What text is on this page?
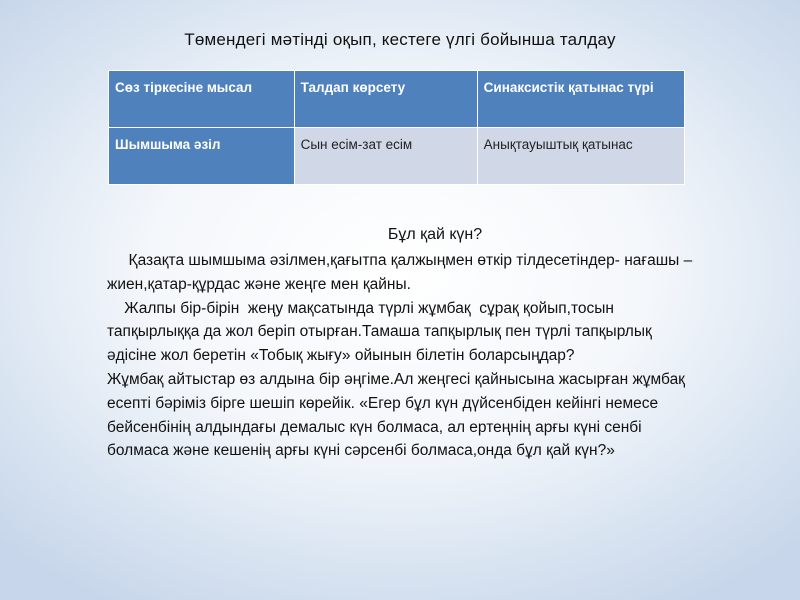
Төмендегі мәтінді оқып, кестеге үлгі бойынша талдау
Сөз тіркесіне мысал	Талдап көрсету	Синаксистік қатынас түрі
Шымшыма әзіл	Сын есім-зат есім	Анықтауыштық қатынас
Бұл қай күн?

Қазақта шымшыма әзілмен,қағытпа қалжыңмен өткір тілдесетіндер- нағашы –жиен,қатар-құрдас және жеңге мен қайны.

Жалпы бір-бірін  жеңу мақсатында түрлі жұмбақ  сұрақ қойып,тосын тапқырлыққа да жол беріп отырған.Тамаша тапқырлық пен түрлі тапқырлық  әдісіне жол беретін «Тобық жығу» ойынын білетін боларсыңдар?

Жұмбақ айтыстар өз алдына бір әңгіме.Ал жеңгесі қайнысына жасырған жұмбақ есепті бәріміз бірге шешіп көрейік. «Егер бұл күн дүйсенбіден кейінгі немесе бейсенбінің алдындағы демалыс күн болмаса, ал ертеңнің арғы күні сенбі болмаса және кешенің арғы күні сәрсенбі болмаса,онда бұл қай күн?»
